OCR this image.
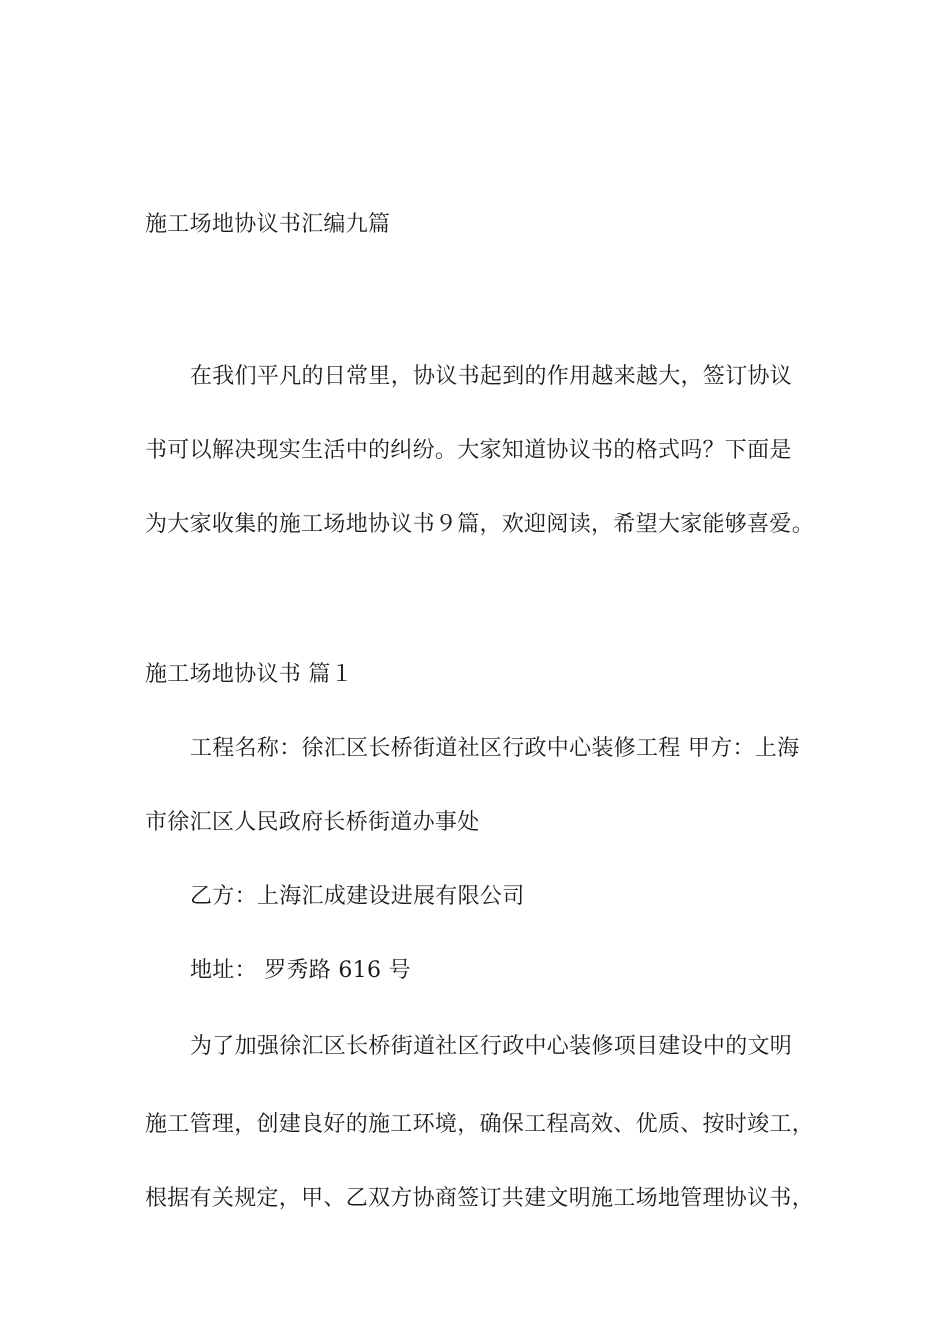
施工场地协议书汇编九篇
在我们平凡的日常里，协议书起到的作用越来越大，签订协议
书可以解决现实生活中的纠纷。大家知道协议书的格式吗？下面是
为大家收集的施工场地协议书９篇，欢迎阅读，希望大家能够喜爱。
施工场地协议书 篇１
工程名称：徐汇区长桥街道社区行政中心装修工程 甲方：上海
市徐汇区人民政府长桥街道办事处
乙方：上海汇成建设进展有限公司
地址： 罗秀路 616 号
为了加强徐汇区长桥街道社区行政中心装修项目建设中的文明
施工管理，创建良好的施工环境，确保工程高效、优质、按时竣工，
根据有关规定，甲、乙双方协商签订共建文明施工场地管理协议书，
